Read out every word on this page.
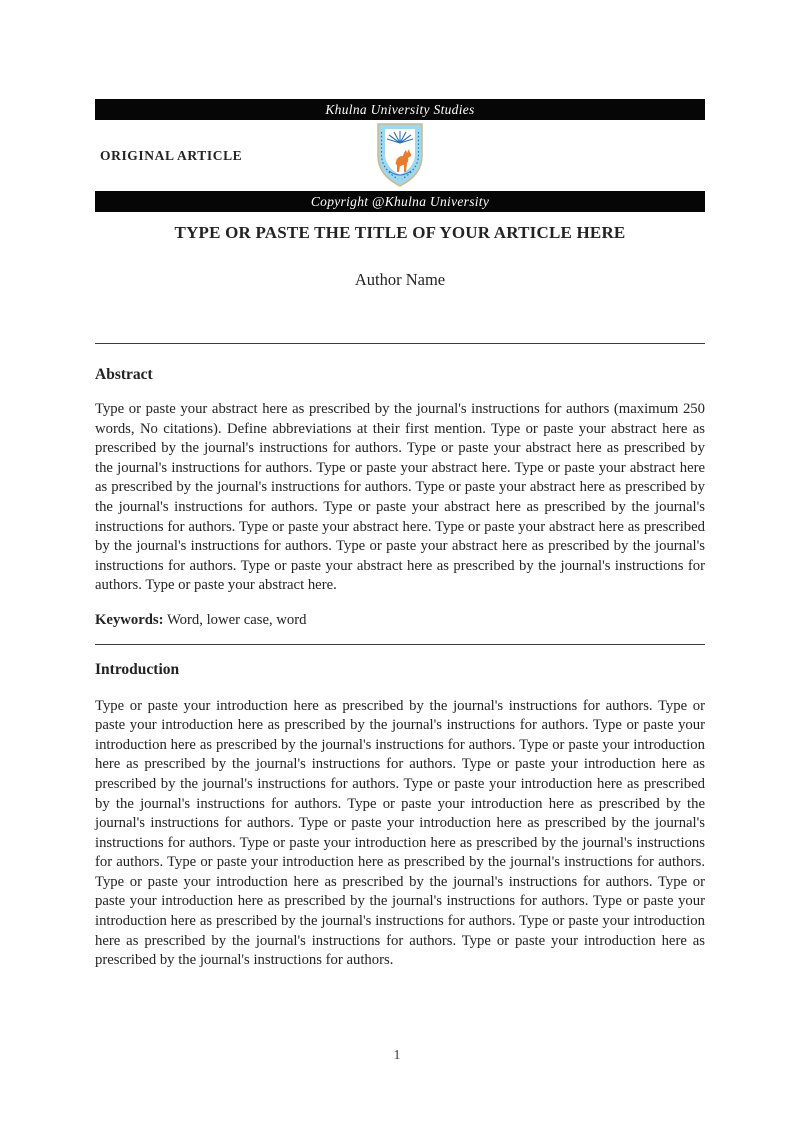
Khulna University Studies
ORIGINAL ARTICLE
Copyright @Khulna University
TYPE OR PASTE THE TITLE OF YOUR ARTICLE HERE
Author Name
Abstract

Type or paste your abstract here as prescribed by the journal's instructions for authors (maximum 250 words, No citations). Define abbreviations at their first mention. Type or paste your abstract here as prescribed by the journal's instructions for authors. Type or paste your abstract here as prescribed by the journal's instructions for authors. Type or paste your abstract here. Type or paste your abstract here as prescribed by the journal's instructions for authors. Type or paste your abstract here as prescribed by the journal's instructions for authors. Type or paste your abstract here as prescribed by the journal's instructions for authors. Type or paste your abstract here. Type or paste your abstract here as prescribed by the journal's instructions for authors. Type or paste your abstract here as prescribed by the journal's instructions for authors. Type or paste your abstract here as prescribed by the journal's instructions for authors. Type or paste your abstract here.

Keywords: Word, lower case, word

Introduction

Type or paste your introduction here as prescribed by the journal's instructions for authors. Type or paste your introduction here as prescribed by the journal's instructions for authors. Type or paste your introduction here as prescribed by the journal's instructions for authors. Type or paste your introduction here as prescribed by the journal's instructions for authors. Type or paste your introduction here as prescribed by the journal's instructions for authors. Type or paste your introduction here as prescribed by the journal's instructions for authors. Type or paste your introduction here as prescribed by the journal's instructions for authors. Type or paste your introduction here as prescribed by the journal's instructions for authors. Type or paste your introduction here as prescribed by the journal's instructions for authors. Type or paste your introduction here as prescribed by the journal's instructions for authors. Type or paste your introduction here as prescribed by the journal's instructions for authors. Type or paste your introduction here as prescribed by the journal's instructions for authors. Type or paste your introduction here as prescribed by the journal's instructions for authors. Type or paste your introduction here as prescribed by the journal's instructions for authors. Type or paste your introduction here as prescribed by the journal's instructions for authors.

1
